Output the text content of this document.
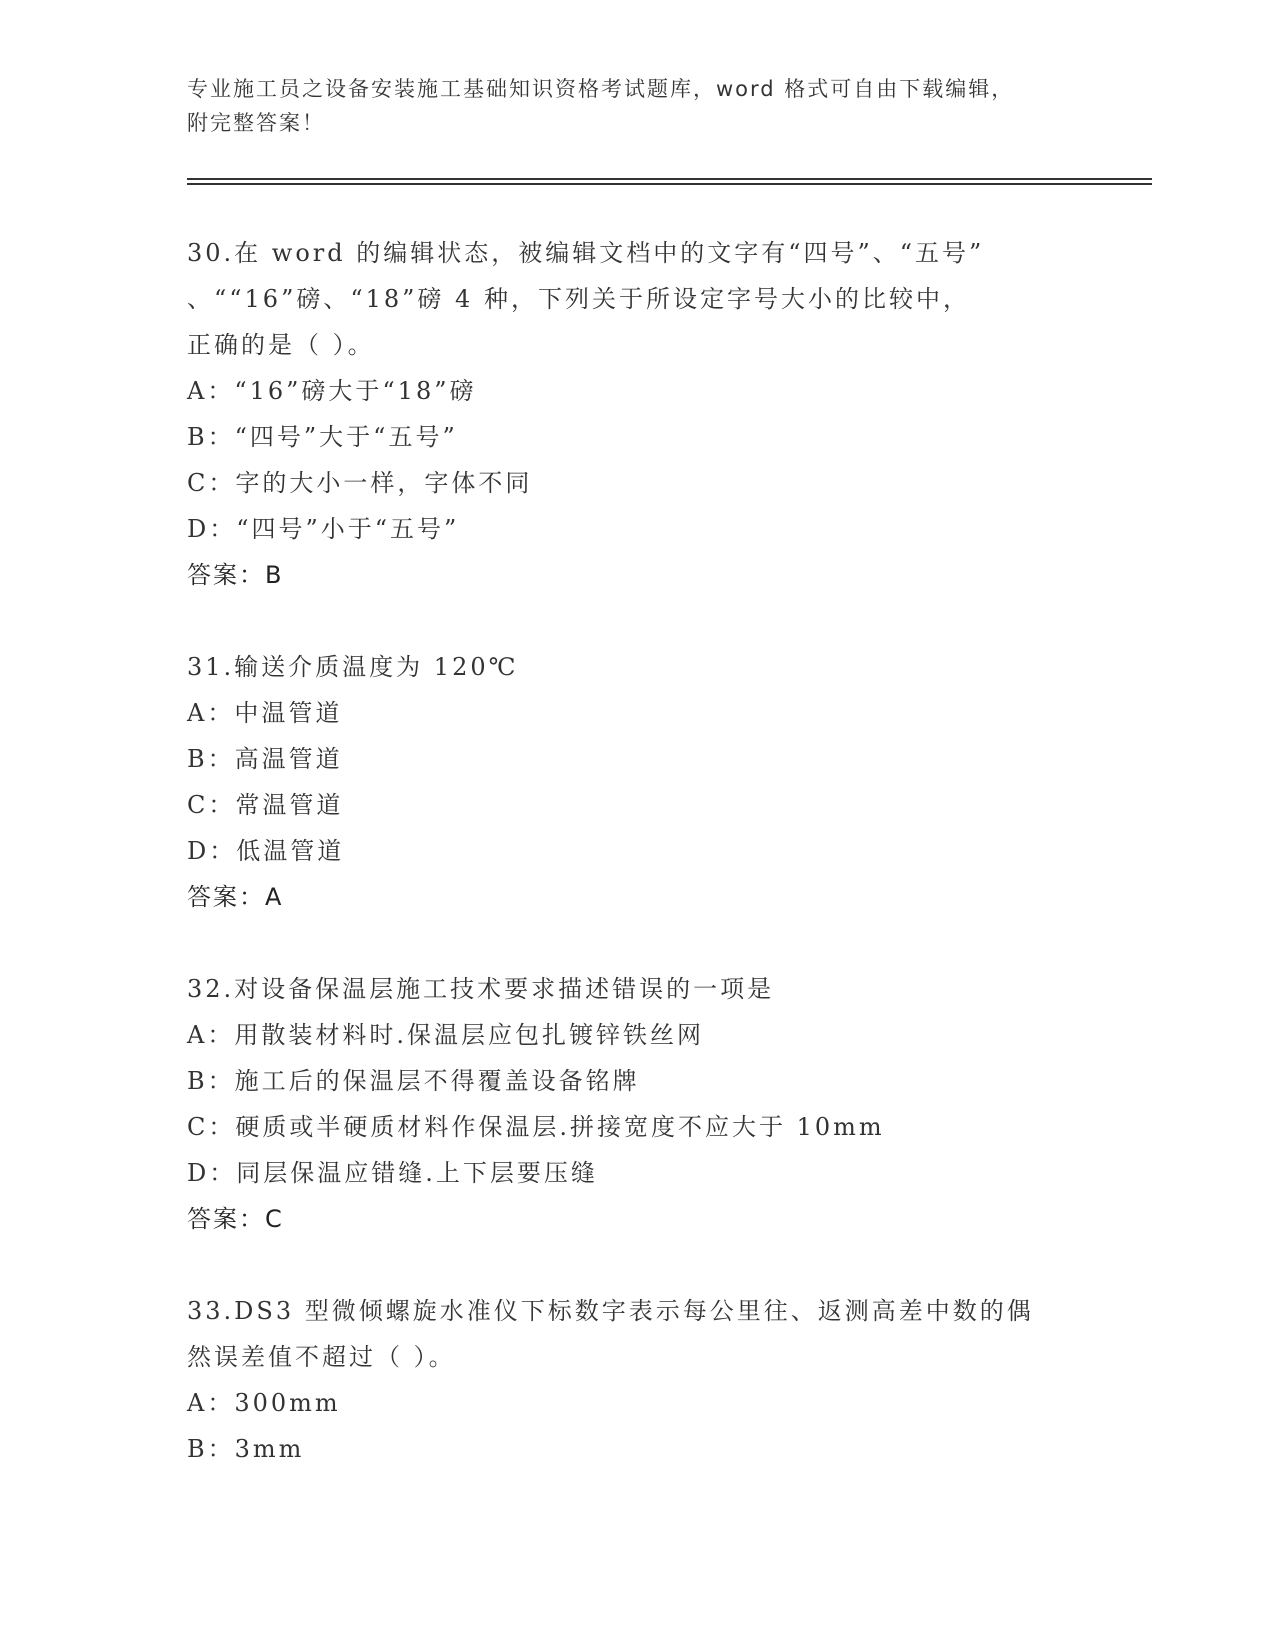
专业施工员之设备安装施工基础知识资格考试题库，word 格式可自由下载编辑，
附完整答案！
30.在 word 的编辑状态，被编辑文档中的文字有“四号”、“五号”
、““16”磅、“18”磅 4 种，下列关于所设定字号大小的比较中，
正确的是（ ）。
A：“16”磅大于“18”磅
B：“四号”大于“五号”
C：字的大小一样，字体不同
D：“四号”小于“五号”
答案：B
31.输送介质温度为 120℃
A：中温管道
B：高温管道
C：常温管道
D：低温管道
答案：A
32.对设备保温层施工技术要求描述错误的一项是
A：用散装材料时.保温层应包扎镀锌铁丝网
B：施工后的保温层不得覆盖设备铭牌
C：硬质或半硬质材料作保温层.拼接宽度不应大于 10mm
D：同层保温应错缝.上下层要压缝
答案：C
33.DS3 型微倾螺旋水准仪下标数字表示每公里往、返测高差中数的偶
然误差值不超过（ ）。
A：300mm
B：3mm
